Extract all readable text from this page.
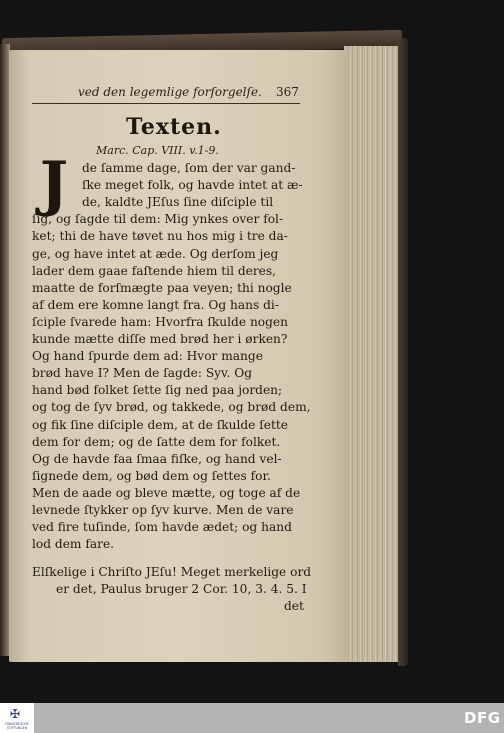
ved den legemlige forſorgelſe.	367
Texten.
Marc. Cap. VIII. v.1-9.
J	de ſamme dage, ſom der var gand-
ſke meget folk, og havde intet at æ-
de, kaldte JEſus ſine diſciple til
ſig, og ſagde til dem: Mig ynkes over fol-
ket; thi de have tøvet nu hos mig i tre da-
ge, og have intet at æde. Og derſom jeg
lader dem gaae faſtende hiem til deres,
maatte de forſmægte paa veyen; thi nogle
af dem ere komne langt fra. Og hans di-
ſciple ſvarede ham: Hvorfra ſkulde nogen
kunde mætte diſſe med brød her i ørken?
Og hand ſpurde dem ad: Hvor mange
brød have I? Men de ſagde: Syv. Og
hand bød folket ſette ſig ned paa jorden;
og tog de ſyv brød, og takkede, og brød dem,
og fik ſine diſciple dem, at de ſkulde ſette
dem for dem; og de ſatte dem for folket.
Og de havde faa ſmaa fiſke, og hand vel-
ſignede dem, og bød dem og ſettes for.
Men de aade og bleve mætte, og toge af de
levnede ſtykker op ſyv kurve. Men de vare
ved fire tuſinde, ſom havde ædet; og hand
lod dem fare.
Elſkelige i Chriſto JEſu! Meget merkelige ord
er det, Paulus bruger 2 Cor. 10, 3. 4. 5. I
det
✠
FRANCKESCHE STIFTUNGEN
DFG
